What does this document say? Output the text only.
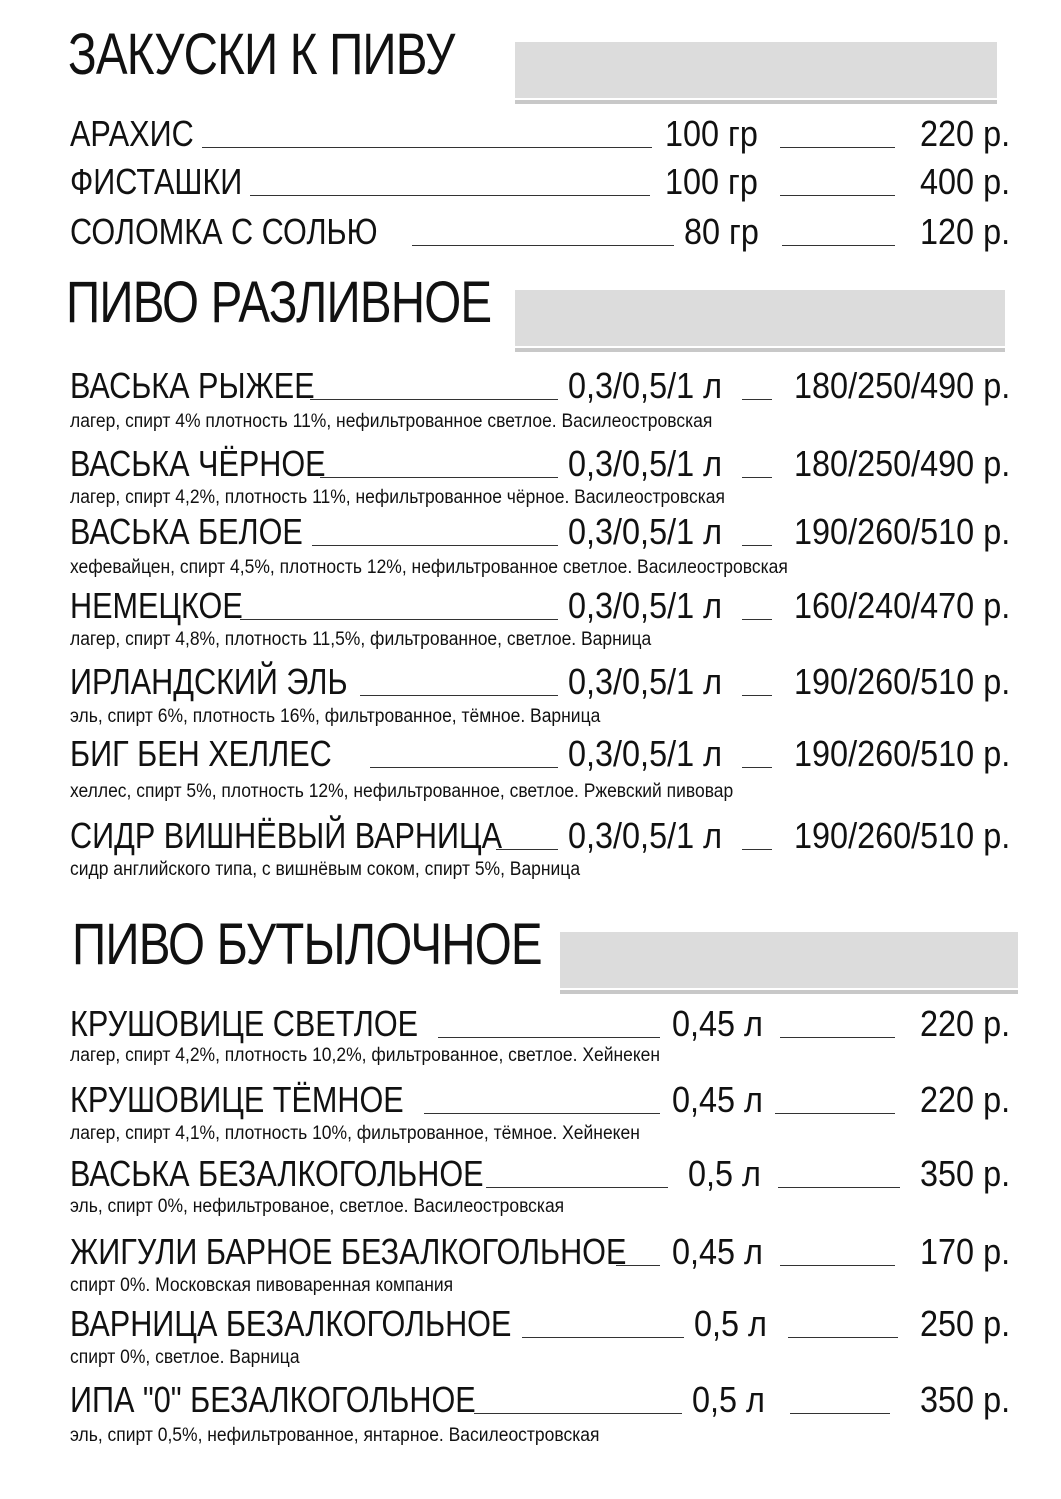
ЗАКУСКИ К ПИВУ
АРАХИС	100 гр	220 р.
ФИСТАШКИ	100 гр	400 р.
СОЛОМКА С СОЛЬЮ	80 гр	120 р.
ПИВО РАЗЛИВНОЕ
ВАСЬКА РЫЖЕЕ	0,3/0,5/1 л 180/250/490 р.
лагер, спирт 4% плотность 11%, нефильтрованное светлое. Василеостровская
ВАСЬКА ЧЁРНОЕ	0,3/0,5/1 л 180/250/490 р.
лагер, спирт 4,2%, плотность 11%, нефильтрованное чёрное. Василеостровская
ВАСЬКА БЕЛОЕ	0,3/0,5/1 л 190/260/510 р.
хефевайцен, спирт 4,5%, плотность 12%, нефильтрованное светлое. Василеостровская
НЕМЕЦКОЕ	0,3/0,5/1 л 160/240/470 р.
лагер, спирт 4,8%, плотность 11,5%, фильтрованное, светлое. Варница
ИРЛАНДСКИЙ ЭЛЬ	0,3/0,5/1 л 190/260/510 р.
эль, спирт 6%, плотность 16%, фильтрованное, тёмное. Варница
БИГ БЕН ХЕЛЛЕС	0,3/0,5/1 л 190/260/510 р.
хеллес, спирт 5%, плотность 12%, нефильтрованное, светлое. Ржевский пивовар
СИДР ВИШНЁВЫЙ ВАРНИЦА 0,3/0,5/1 л 190/260/510 р.
сидр английского типа, с вишнёвым соком, спирт 5%, Варница
ПИВО БУТЫЛОЧНОЕ
КРУШОВИЦЕ СВЕТЛОЕ	0,45 л	220 р.
лагер, спирт 4,2%, плотность 10,2%, фильтрованное, светлое. Хейнекен
КРУШОВИЦЕ ТЁМНОЕ	0,45 л	220 р.
лагер, спирт 4,1%, плотность 10%, фильтрованное, тёмное. Хейнекен
ВАСЬКА БЕЗАЛКОГОЛЬНОЕ	0,5 л	350 р.
эль, спирт 0%, нефильтрованое, светлое. Василеостровская
ЖИГУЛИ БАРНОЕ БЕЗАЛКОГОЛЬНОЕ 0,45 л	170 р.
спирт 0%. Московская пивоваренная компания
ВАРНИЦА БЕЗАЛКОГОЛЬНОЕ	0,5 л	250 р.
спирт 0%, светлое. Варница
ИПА "0" БЕЗАЛКОГОЛЬНОЕ	0,5 л	350 р.
эль, спирт 0,5%, нефильтрованное, янтарное. Василеостровская
